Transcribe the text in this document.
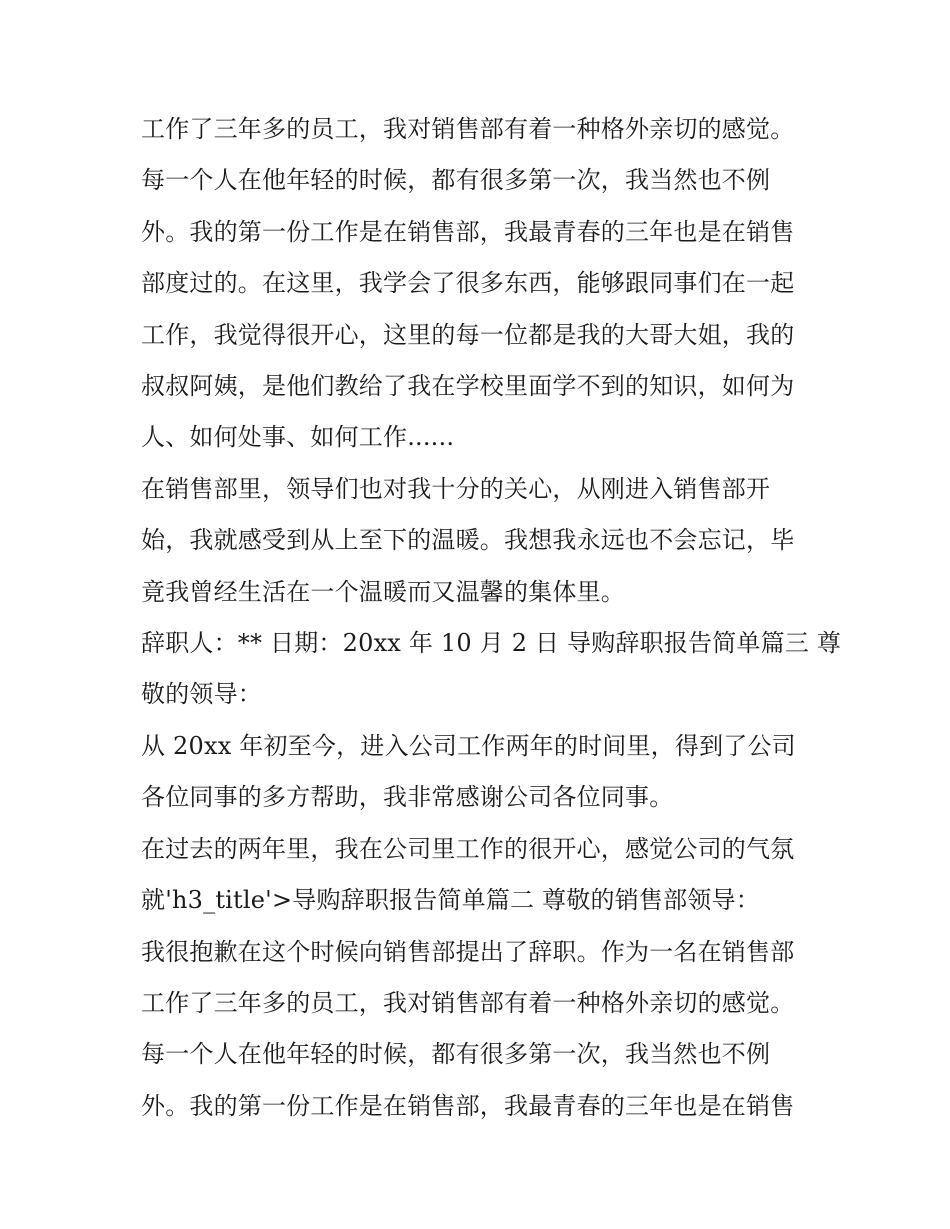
工作了三年多的员工，我对销售部有着一种格外亲切的感觉。

每一个人在他年轻的时候，都有很多第一次，我当然也不例

外。我的第一份工作是在销售部，我最青春的三年也是在销售

部度过的。在这里，我学会了很多东西，能够跟同事们在一起

工作，我觉得很开心，这里的每一位都是我的大哥大姐，我的

叔叔阿姨，是他们教给了我在学校里面学不到的知识，如何为

人、如何处事、如何工作......

在销售部里，领导们也对我十分的关心，从刚进入销售部开

始，我就感受到从上至下的温暖。我想我永远也不会忘记，毕

竟我曾经生活在一个温暖而又温馨的集体里。

辞职人：** 日期：20xx 年 10 月 2 日 导购辞职报告简单篇三 尊

敬的领导：

从 20xx 年初至今，进入公司工作两年的时间里，得到了公司

各位同事的多方帮助，我非常感谢公司各位同事。

在过去的两年里，我在公司里工作的很开心，感觉公司的气氛

就'h3_title'>导购辞职报告简单篇二 尊敬的销售部领导：

我很抱歉在这个时候向销售部提出了辞职。作为一名在销售部

工作了三年多的员工，我对销售部有着一种格外亲切的感觉。

每一个人在他年轻的时候，都有很多第一次，我当然也不例

外。我的第一份工作是在销售部，我最青春的三年也是在销售
